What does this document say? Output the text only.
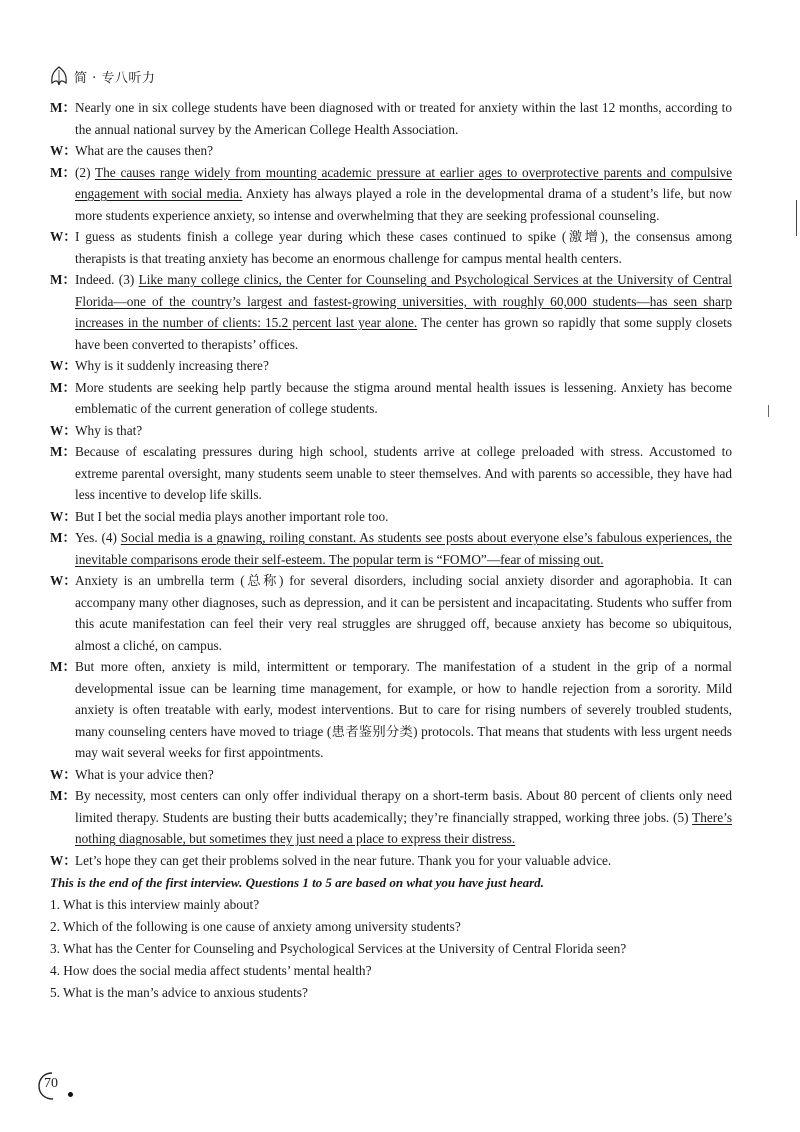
简 · 专八听力
M： Nearly one in six college students have been diagnosed with or treated for anxiety within the last 12 months, according to the annual national survey by the American College Health Association.
W：
What are the causes then?
M： (2) The causes range widely from mounting academic pressure at earlier ages to overprotective parents and compulsive engagement with social media. Anxiety has always played a role in the developmental drama of a student’s life, but now more students experience anxiety, so intense and overwhelming that they are seeking professional counseling.
W：
I guess as students finish a college year during which these cases continued to spike (激增), the consensus among therapists is that treating anxiety has become an enormous challenge for campus mental health centers.
M： Indeed. (3) Like many college clinics, the Center for Counseling and Psychological Services at the University of Central Florida—one of the country’s largest and fastest-growing universities, with roughly 60,000 students—has seen sharp increases in the number of clients: 15.2 percent last year alone. The center has grown so rapidly that some supply closets have been converted to therapists’ offices.
W：
Why is it suddenly increasing there?
M： More students are seeking help partly because the stigma around mental health issues is lessening. Anxiety has become emblematic of the current generation of college students.
W：
Why is that?
M： Because of escalating pressures during high school, students arrive at college preloaded with stress. Accustomed to extreme parental oversight, many students seem unable to steer themselves. And with parents so accessible, they have had less incentive to develop life skills.
W：
But I bet the social media plays another important role too.
M： Yes. (4) Social media is a gnawing, roiling constant. As students see posts about everyone else’s fabulous experiences, the inevitable comparisons erode their self-esteem. The popular term is “FOMO”—fear of missing out.
W：
Anxiety is an umbrella term (总称) for several disorders, including social anxiety disorder and agoraphobia. It can accompany many other diagnoses, such as depression, and it can be persistent and incapacitating. Students who suffer from this acute manifestation can feel their very real struggles are shrugged off, because anxiety has become so ubiquitous, almost a cliché, on campus.
M： But more often, anxiety is mild, intermittent or temporary. The manifestation of a student in the grip of a normal developmental issue can be learning time management, for example, or how to handle rejection from a sorority. Mild anxiety is often treatable with early, modest interventions. But to care for rising numbers of severely troubled students, many counseling centers have moved to triage (患者鉴别分类) protocols. That means that students with less urgent needs may wait several weeks for first appointments.
W：
What is your advice then?
M： By necessity, most centers can only offer individual therapy on a short-term basis. About 80 percent of clients only need limited therapy. Students are busting their butts academically; they’re financially strapped, working three jobs. (5) There’s nothing diagnosable, but sometimes they just need a place to express their distress.
W：
Let’s hope they can get their problems solved in the near future. Thank you for your valuable advice.
This is the end of the first interview. Questions 1 to 5 are based on what you have just heard.
1. What is this interview mainly about?
2. Which of the following is one cause of anxiety among university students?
3. What has the Center for Counseling and Psychological Services at the University of Central Florida seen?
4. How does the social media affect students’ mental health?
5. What is the man’s advice to anxious students?
70
